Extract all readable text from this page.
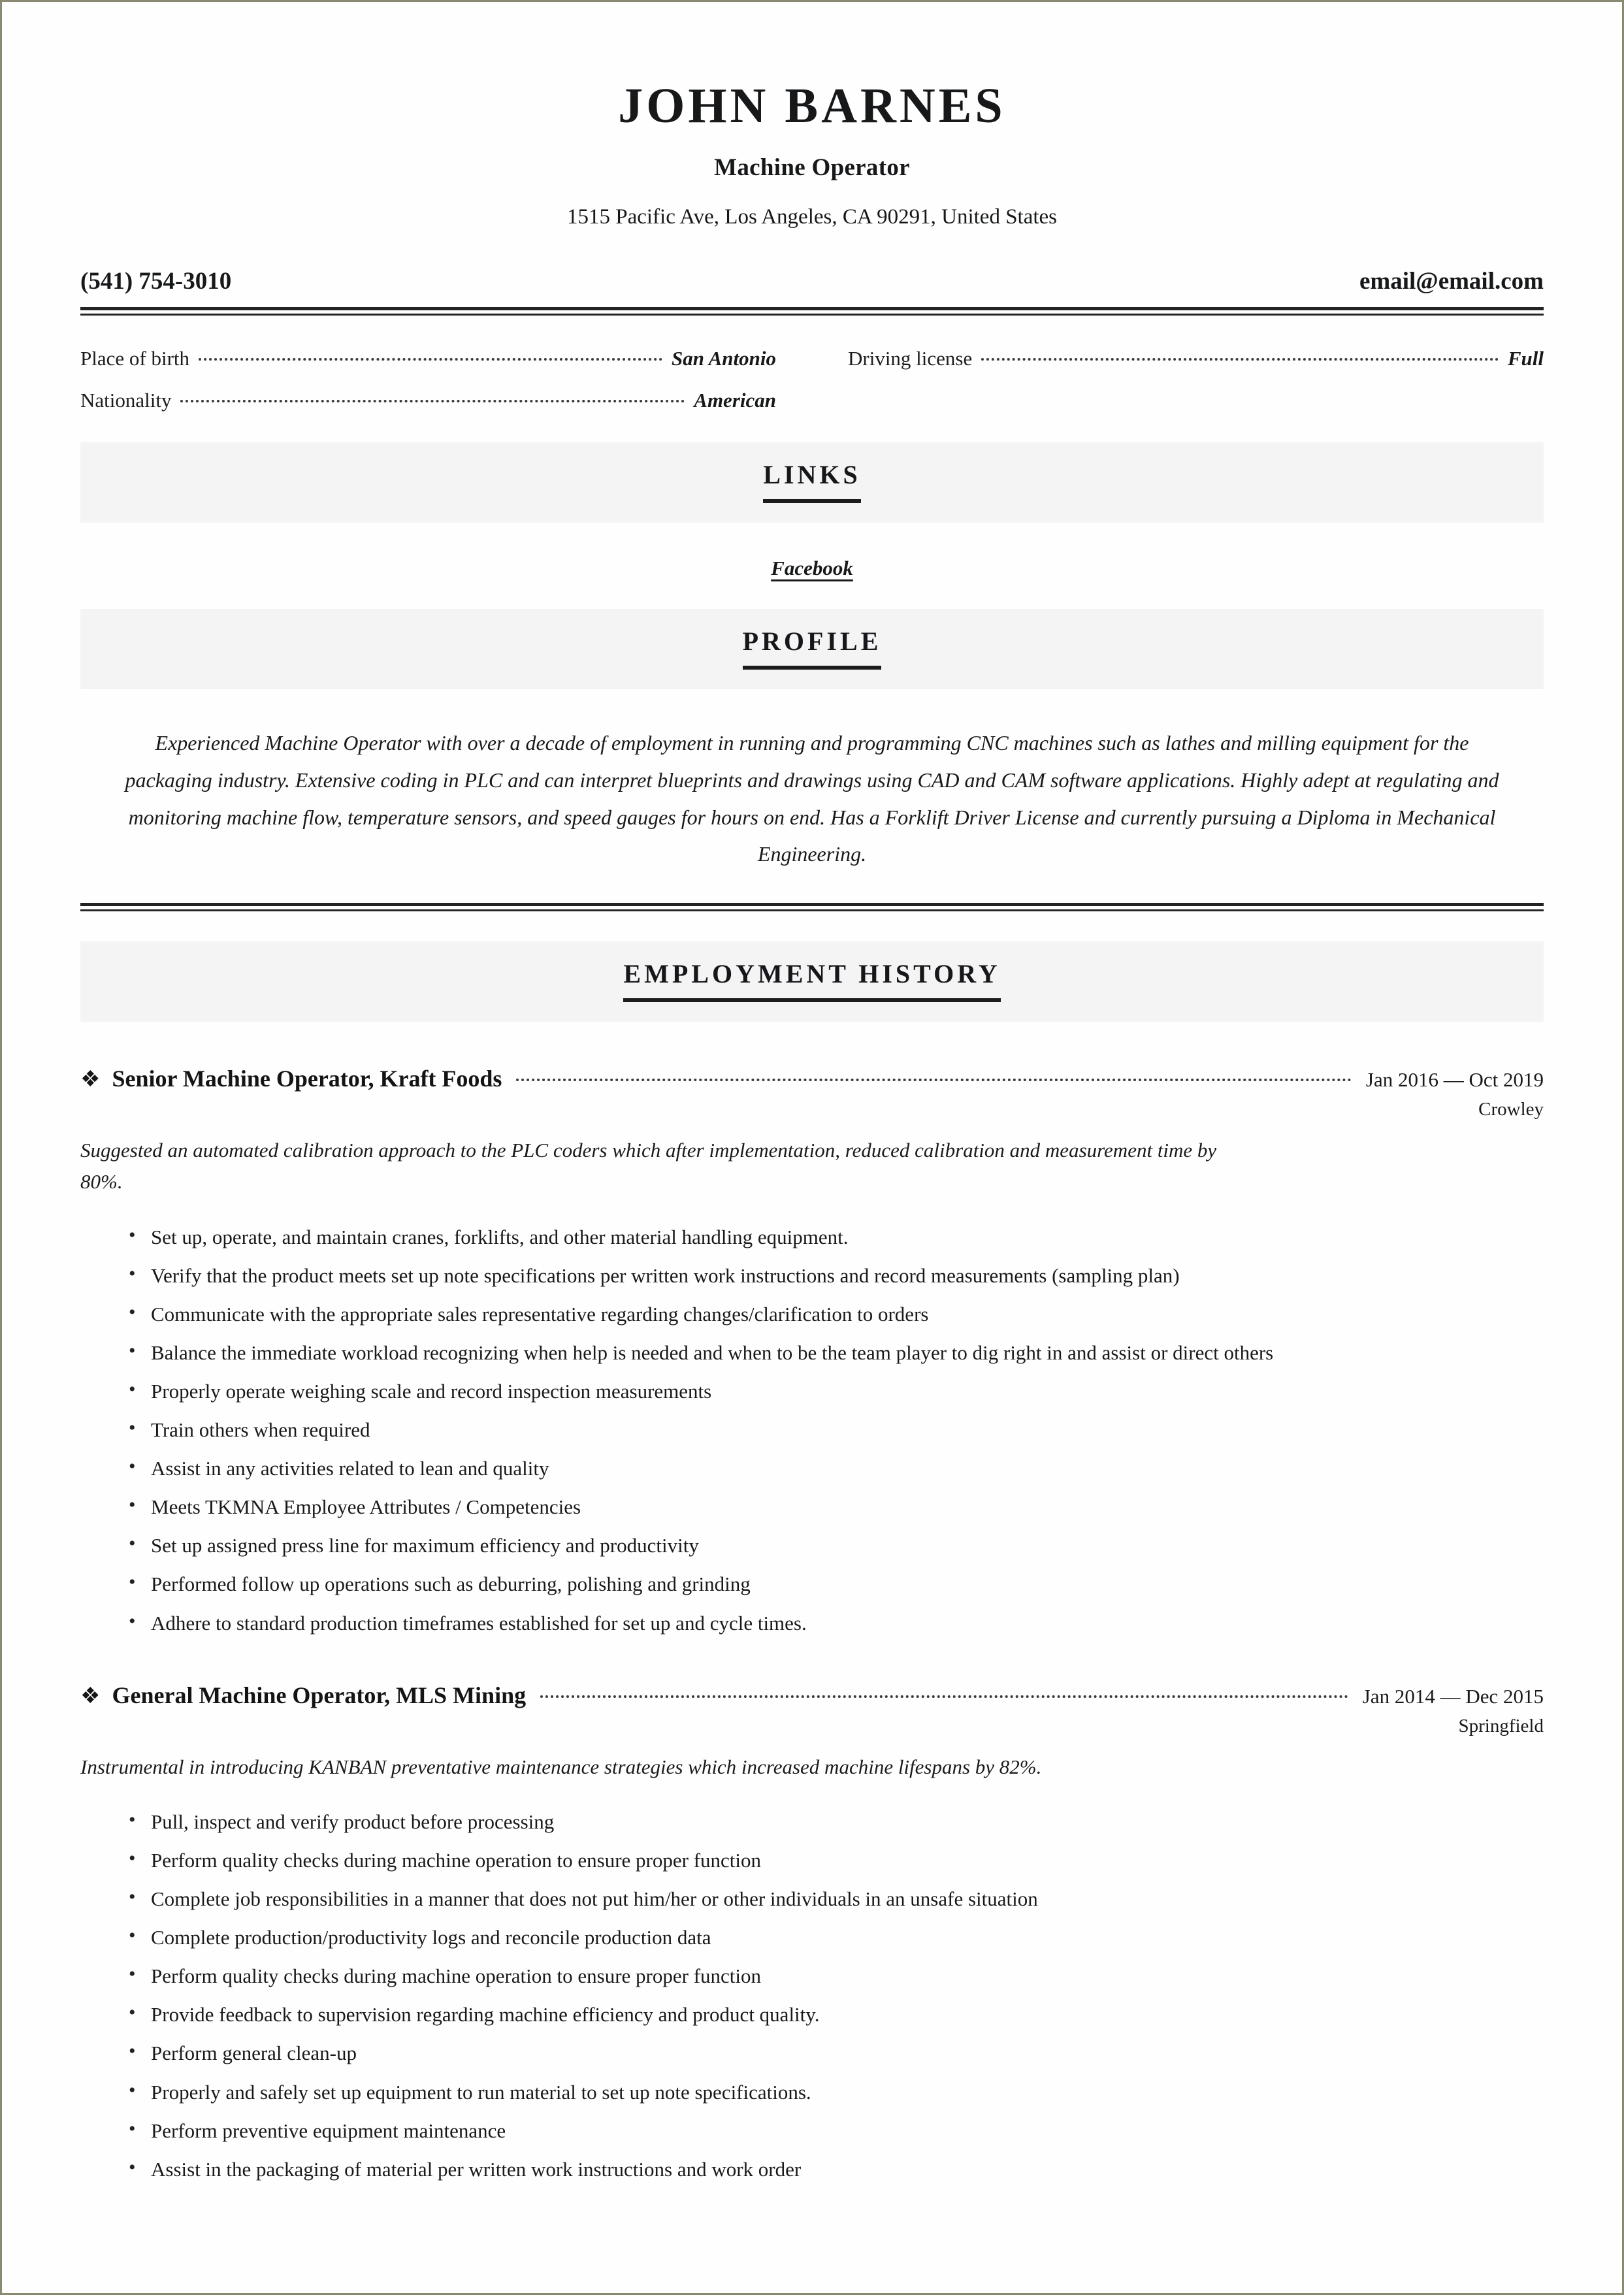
JOHN BARNES
Machine Operator
1515 Pacific Ave, Los Angeles, CA 90291, United States
(541) 754-3010	email@email.com
Place of birth	San Antonio	Driving license	Full
Nationality	American
LINKS
Facebook
PROFILE
Experienced Machine Operator with over a decade of employment in running and programming CNC machines such as lathes and milling equipment for the packaging industry. Extensive coding in PLC and can interpret blueprints and drawings using CAD and CAM software applications. Highly adept at regulating and monitoring machine flow, temperature sensors, and speed gauges for hours on end. Has a Forklift Driver License and currently pursuing a Diploma in Mechanical Engineering.
EMPLOYMENT HISTORY
❖ Senior Machine Operator, Kraft Foods	Jan 2016 — Oct 2019
Crowley
Suggested an automated calibration approach to the PLC coders which after implementation, reduced calibration and measurement time by 80%.
• Set up, operate, and maintain cranes, forklifts, and other material handling equipment.
• Verify that the product meets set up note specifications per written work instructions and record measurements (sampling plan)
• Communicate with the appropriate sales representative regarding changes/clarification to orders
• Balance the immediate workload recognizing when help is needed and when to be the team player to dig right in and assist or direct others
• Properly operate weighing scale and record inspection measurements
• Train others when required
• Assist in any activities related to lean and quality
• Meets TKMNA Employee Attributes / Competencies
• Set up assigned press line for maximum efficiency and productivity
• Performed follow up operations such as deburring, polishing and grinding
• Adhere to standard production timeframes established for set up and cycle times.
❖ General Machine Operator, MLS Mining	Jan 2014 — Dec 2015
Springfield
Instrumental in introducing KANBAN preventative maintenance strategies which increased machine lifespans by 82%.
• Pull, inspect and verify product before processing
• Perform quality checks during machine operation to ensure proper function
• Complete job responsibilities in a manner that does not put him/her or other individuals in an unsafe situation
• Complete production/productivity logs and reconcile production data
• Perform quality checks during machine operation to ensure proper function
• Provide feedback to supervision regarding machine efficiency and product quality.
• Perform general clean-up
• Properly and safely set up equipment to run material to set up note specifications.
• Perform preventive equipment maintenance
• Assist in the packaging of material per written work instructions and work order
